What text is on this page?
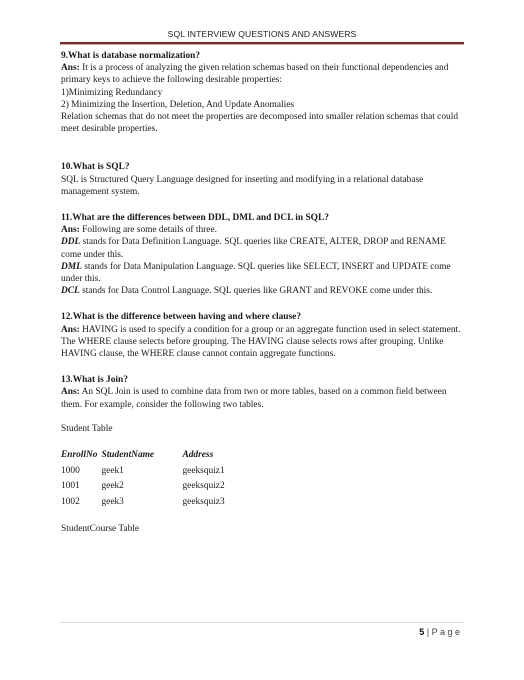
SQL INTERVIEW QUESTIONS AND ANSWERS

9.What is database normalization?

Ans: It is a process of analyzing the given relation schemas based on their functional dependencies and primary keys to achieve the following desirable properties:

1)Minimizing Redundancy

2) Minimizing the Insertion, Deletion, And Update Anomalies

Relation schemas that do not meet the properties are decomposed into smaller relation schemas that could meet desirable properties.

10.What is SQL?

SQL is Structured Query Language designed for inserting and modifying in a relational database management system.

11.What are the differences between DDL, DML and DCL in SQL?

Ans: Following are some details of three.

DDL stands for Data Definition Language. SQL queries like CREATE, ALTER, DROP and RENAME come under this.

DML stands for Data Manipulation Language. SQL queries like SELECT, INSERT and UPDATE come under this.

DCL stands for Data Control Language. SQL queries like GRANT and REVOKE come under this.

12.What is the difference between having and where clause?

Ans: HAVING is used to specify a condition for a group or an aggregate function used in select statement. The WHERE clause selects before grouping. The HAVING clause selects rows after grouping. Unlike HAVING clause, the WHERE clause cannot contain aggregate functions.

13.What is Join?

Ans: An SQL Join is used to combine data from two or more tables, based on a common field between them. For example, consider the following two tables.

Student Table

EnrollNo	StudentName	Address
1000	geek1	geeksquiz1
1001	geek2	geeksquiz2
1002	geek3	geeksquiz3

StudentCourse Table

5 | P a g e
